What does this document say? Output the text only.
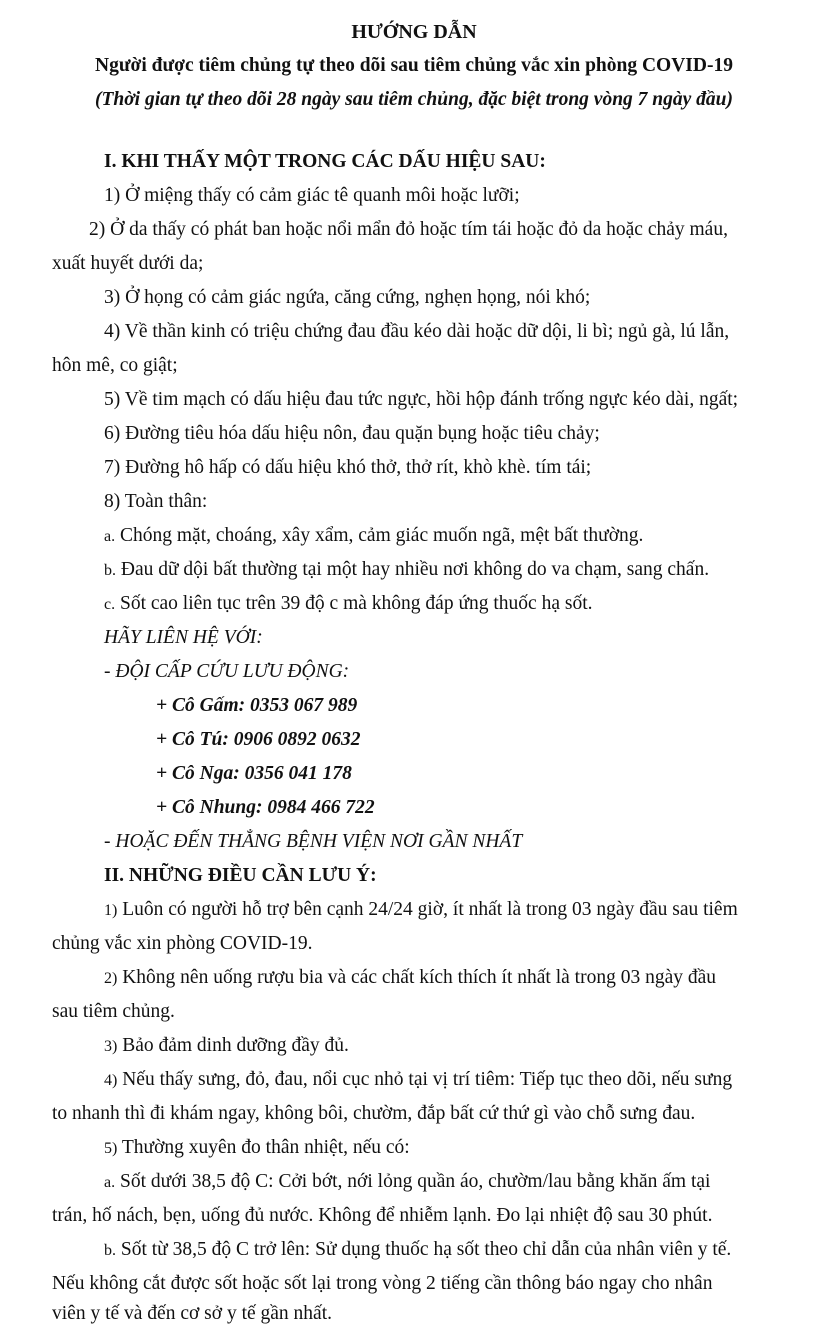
HƯỚNG DẪN
Người được tiêm chủng tự theo dõi sau tiêm chủng vắc xin phòng COVID-19
(Thời gian tự theo dõi 28 ngày sau tiêm chủng, đặc biệt trong vòng 7 ngày đầu)
I. KHI THẤY MỘT TRONG CÁC DẤU HIỆU SAU:
1) Ở miệng thấy có cảm giác tê quanh môi hoặc lưỡi;
2) Ở da thấy có phát ban hoặc nổi mẩn đỏ hoặc tím tái hoặc đỏ da hoặc chảy máu,
xuất huyết dưới da;
3) Ở họng có cảm giác ngứa, căng cứng, nghẹn họng, nói khó;
4) Về thần kinh có triệu chứng đau đầu kéo dài hoặc dữ dội, li bì; ngủ gà, lú lẫn,
hôn mê, co giật;
5) Về tim mạch có dấu hiệu đau tức ngực, hồi hộp đánh trống ngực kéo dài, ngất;
6) Đường tiêu hóa dấu hiệu nôn, đau quặn bụng hoặc tiêu chảy;
7) Đường hô hấp có dấu hiệu khó thở, thở rít, khò khè. tím tái;
8) Toàn thân:
a. Chóng mặt, choáng, xây xẩm, cảm giác muốn ngã, mệt bất thường.
b. Đau dữ dội bất thường tại một hay nhiều nơi không do va chạm, sang chấn.
c. Sốt cao liên tục trên 39 độ c mà không đáp ứng thuốc hạ sốt.
HÃY LIÊN HỆ VỚI:
- ĐỘI CẤP CỨU LƯU ĐỘNG:
+ Cô Gấm: 0353 067 989
+ Cô Tú: 0906 0892 0632
+ Cô Nga: 0356 041 178
+ Cô Nhung: 0984 466 722
- HOẶC ĐẾN THẲNG BỆNH VIỆN NƠI GẦN NHẤT
II. NHỮNG ĐIỀU CẦN LƯU Ý:
1) Luôn có người hỗ trợ bên cạnh 24/24 giờ, ít nhất là trong 03 ngày đầu sau tiêm
chủng vắc xin phòng COVID-19.
2) Không nên uống rượu bia và các chất kích thích ít nhất là trong 03 ngày đầu
sau tiêm chủng.
3) Bảo đảm dinh dưỡng đầy đủ.
4) Nếu thấy sưng, đỏ, đau, nổi cục nhỏ tại vị trí tiêm: Tiếp tục theo dõi, nếu sưng
to nhanh thì đi khám ngay, không bôi, chườm, đắp bất cứ thứ gì vào chỗ sưng đau.
5) Thường xuyên đo thân nhiệt, nếu có:
a. Sốt dưới 38,5 độ C: Cởi bớt, nới lỏng quần áo, chườm/lau bằng khăn ấm tại
trán, hố nách, bẹn, uống đủ nước. Không để nhiễm lạnh. Đo lại nhiệt độ sau 30 phút.
b. Sốt từ 38,5 độ C trở lên: Sử dụng thuốc hạ sốt theo chỉ dẫn của nhân viên y tế.
Nếu không cắt được sốt hoặc sốt lại trong vòng 2 tiếng cần thông báo ngay cho nhân
viên y tế và đến cơ sở y tế gần nhất.
